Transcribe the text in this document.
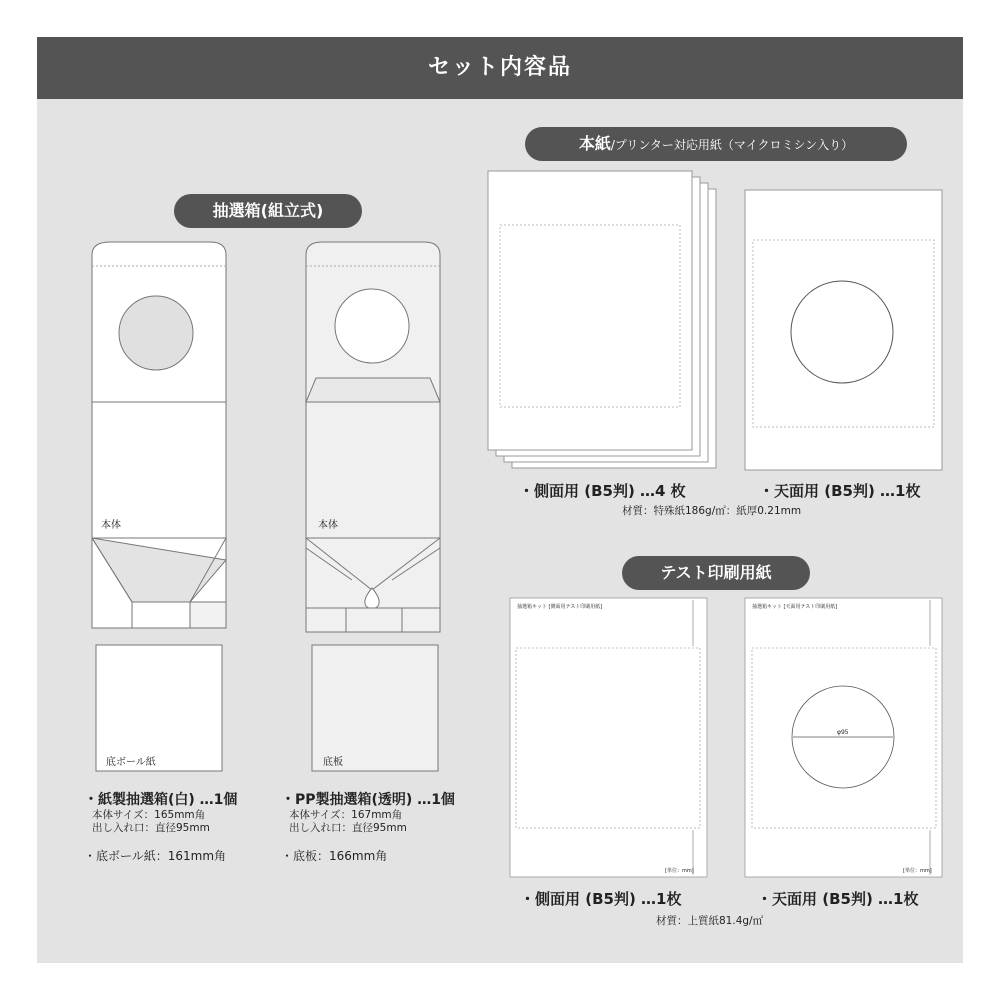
セット内容品
抽選箱(組立式)
本紙/プリンター対応用紙（マイクロミシン入り）
テスト印刷用紙
本体	本体
底ボール紙	底板
抽選箱キット [側面用テスト印刷用紙]	抽選箱キット [天面用テスト印刷用紙]
[単位：mm]	[単位：mm]
φ95
・紙製抽選箱(白) …1個
本体サイズ：165mm角
出し入れ口：直径95mm
・底ボール紙：161mm角
・PP製抽選箱(透明) …1個
本体サイズ：167mm角
出し入れ口：直径95mm
・底板：166mm角
・側面用 (B5判) …4 枚	・天面用 (B5判) …1枚
材質：特殊紙186g/㎡：紙厚0.21mm
・側面用 (B5判) …1枚	・天面用 (B5判) …1枚
材質：上質紙81.4g/㎡
